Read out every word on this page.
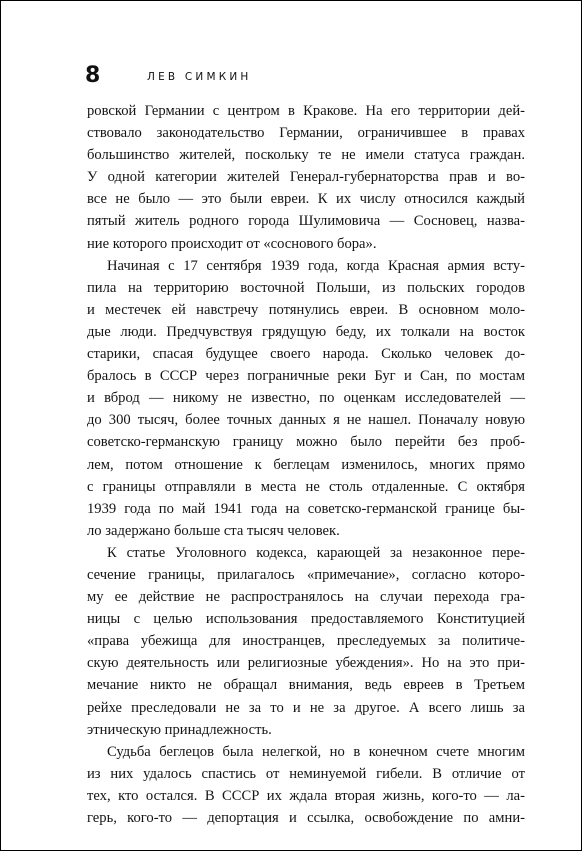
8	ЛЕВ СИМКИН
ровской Германии с центром в Кракове. На его территории дей-
ствовало законодательство Германии, ограничившее в правах
большинство жителей, поскольку те не имели статуса граждан.
У одной категории жителей Генерал-губернаторства прав и во-
все не было — это были евреи. К их числу относился каждый
пятый житель родного города Шулимовича — Сосновец, назва-
ние которого происходит от «соснового бора».
Начиная с 17 сентября 1939 года, когда Красная армия всту-
пила на территорию восточной Польши, из польских городов
и местечек ей навстречу потянулись евреи. В основном моло-
дые люди. Предчувствуя грядущую беду, их толкали на восток
старики, спасая будущее своего народа. Сколько человек до-
бралось в СССР через пограничные реки Буг и Сан, по мостам
и вброд — никому не известно, по оценкам исследователей —
до 300 тысяч, более точных данных я не нашел. Поначалу новую
советско-германскую границу можно было перейти без проб-
лем, потом отношение к беглецам изменилось, многих прямо
с границы отправляли в места не столь отдаленные. С октября
1939 года по май 1941 года на советско-германской границе бы-
ло задержано больше ста тысяч человек.
К статье Уголовного кодекса, карающей за незаконное пере-
сечение границы, прилагалось «примечание», согласно которо-
му ее действие не распространялось на случаи перехода гра-
ницы с целью использования предоставляемого Конституцией
«права убежища для иностранцев, преследуемых за политиче-
скую деятельность или религиозные убеждения». Но на это при-
мечание никто не обращал внимания, ведь евреев в Третьем
рейхе преследовали не за то и не за другое. А всего лишь за
этническую принадлежность.
Судьба беглецов была нелегкой, но в конечном счете многим
из них удалось спастись от неминуемой гибели. В отличие от
тех, кто остался. В СССР их ждала вторая жизнь, кого-то — ла-
герь, кого-то — депортация и ссылка, освобождение по амни-
